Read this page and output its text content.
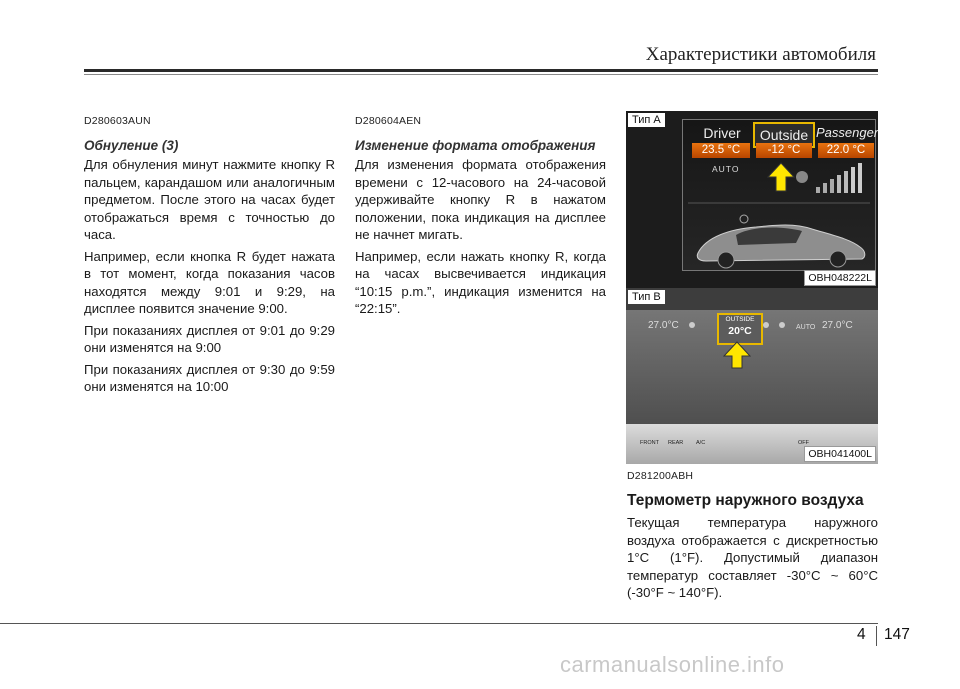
Характеристики автомобиля
D280603AUN
Обнуление (3)

Для обнуления минут нажмите кнопку R пальцем, карандашом или аналогичным предметом. После этого на часах будет отображаться время с точностью до часа.

Например, если кнопка R будет нажата в тот момент, когда показания часов находятся между 9:01 и 9:29, на дисплее появится значение 9:00.

При показаниях дисплея от 9:01 до 9:29 они изменятся на 9:00

При показаниях дисплея от 9:30 до 9:59 они изменятся на 10:00

D280604AEN
Изменение формата отображения

Для изменения формата отображения времени с 12-часового на 24-часовой удерживайте кнопку R в нажатом положении, пока индикация на дисплее не начнет мигать.

Например, если нажать кнопку R, когда на часах высвечивается индикация “10:15 p.m.”, индикация изменится на “22:15”.

Driver	Outside Passenger
23.5 °C	-12 °C	22.0 °C
AUTO
Тип A
OBH048222L
27.0°C	27.0°C
OUTSIDE
20°C	AUTO
FRONT REAR A/C	OFF
Тип B
OBH041400L
D281200ABH
Термометр наружного воздуха

Текущая температура наружного воздуха отображается с дискретностью 1°C (1°F). Допустимый диапазон температур составляет -30°C ~ 60°C (-30°F ~ 140°F).

4 147
carmanualsonline.info
